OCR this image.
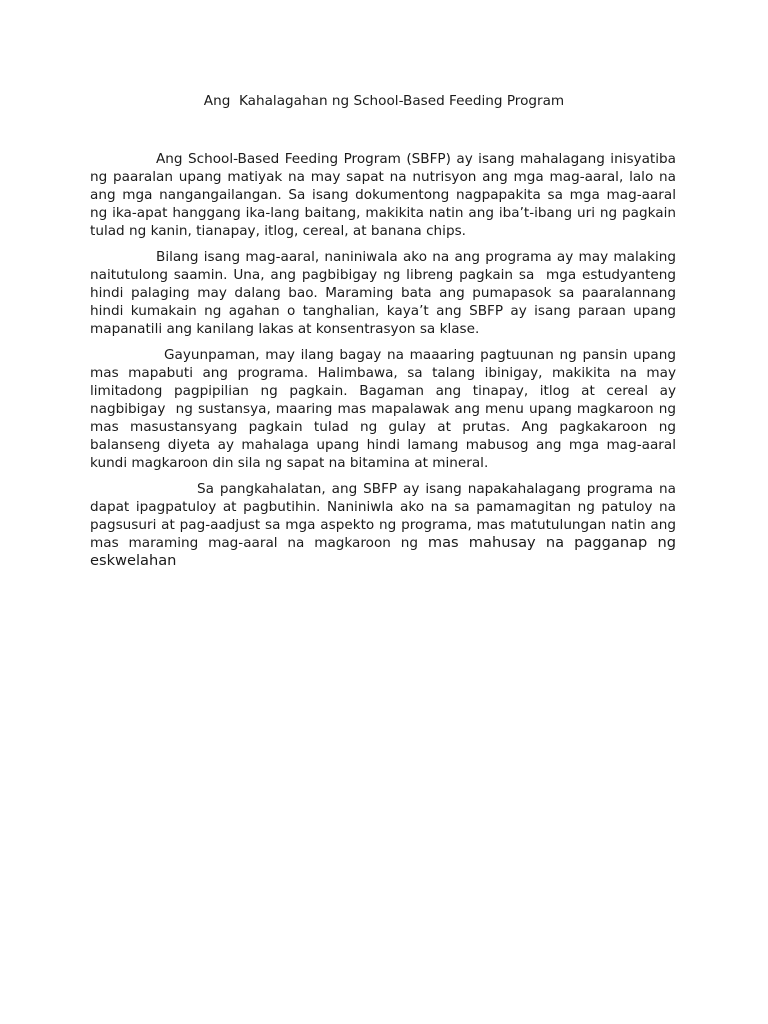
Ang  Kahalagahan ng School-Based Feeding Program

Ang School-Based Feeding Program (SBFP) ay isang mahalagang inisyatiba ng paaralan upang matiyak na may sapat na nutrisyon ang mga mag-aaral, lalo na ang mga nangangailangan. Sa isang dokumentong nagpapakita sa mga mag-aaral ng ika-apat hanggang ika-lang baitang, makikita natin ang iba’t-ibang uri ng pagkain tulad ng kanin, tianapay, itlog, cereal, at banana chips.

Bilang isang mag-aaral, naniniwala ako na ang programa ay may malaking naitutulong saamin. Una, ang pagbibigay ng libreng pagkain sa  mga estudyanteng hindi palaging may dalang bao. Maraming bata ang pumapasok sa paaralannang hindi kumakain ng agahan o tanghalian, kaya’t ang SBFP ay isang paraan upang mapanatili ang kanilang lakas at konsentrasyon sa klase.

Gayunpaman, may ilang bagay na maaaring pagtuunan ng pansin upang mas mapabuti ang programa. Halimbawa, sa talang ibinigay, makikita na may limitadong pagpipilian ng pagkain. Bagaman ang tinapay, itlog at cereal ay nagbibigay  ng sustansya, maaring mas mapalawak ang menu upang magkaroon ng mas masustansyang pagkain tulad ng gulay at prutas. Ang pagkakaroon ng balanseng diyeta ay mahalaga upang hindi lamang mabusog ang mga mag-aaral kundi magkaroon din sila ng sapat na bitamina at mineral.

Sa pangkahalatan, ang SBFP ay isang napakahalagang programa na dapat ipagpatuloy at pagbutihin. Naniniwla ako na sa pamamagitan ng patuloy na pagsusuri at pag-aadjust sa mga aspekto ng programa, mas matutulungan natin ang mas maraming mag-aaral na magkaroon ng mas mahusay na pagganap ng eskwelahan
